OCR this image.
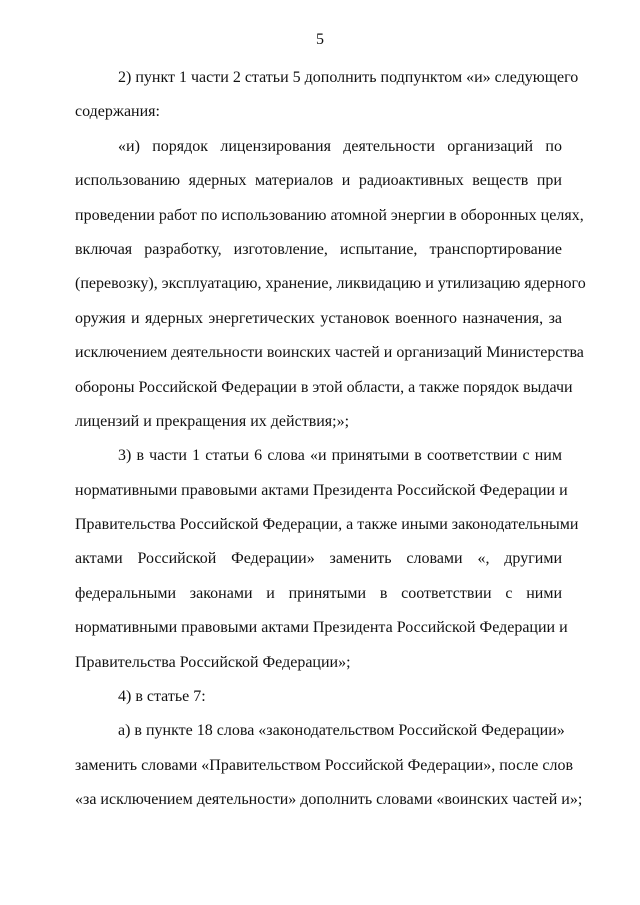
5
2) пункт 1 части 2 статьи 5 дополнить подпунктом «и» следующего
содержания:
«и) порядок лицензирования деятельности организаций по
использованию ядерных материалов и радиоактивных веществ при
проведении работ по использованию атомной энергии в оборонных целях,
включая разработку, изготовление, испытание, транспортирование
(перевозку), эксплуатацию, хранение, ликвидацию и утилизацию ядерного
оружия и ядерных энергетических установок военного назначения, за
исключением деятельности воинских частей и организаций Министерства
обороны Российской Федерации в этой области, а также порядок выдачи
лицензий и прекращения их действия;»;
3) в части 1 статьи 6 слова «и принятыми в соответствии с ним
нормативными правовыми актами Президента Российской Федерации и
Правительства Российской Федерации, а также иными законодательными
актами Российской Федерации» заменить словами «, другими
федеральными законами и принятыми в соответствии с ними
нормативными правовыми актами Президента Российской Федерации и
Правительства Российской Федерации»;
4) в статье 7:
а) в пункте 18 слова «законодательством Российской Федерации»
заменить словами «Правительством Российской Федерации», после слов
«за исключением деятельности» дополнить словами «воинских частей и»;
